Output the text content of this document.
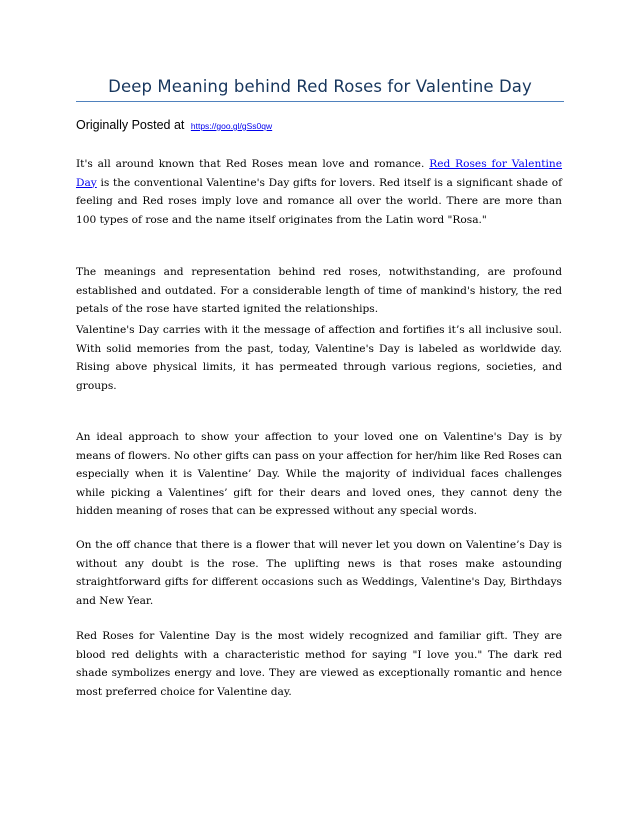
Deep Meaning behind Red Roses for Valentine Day
Originally Posted at https://goo.gl/gSs0qw

It's all around known that Red Roses mean love and romance. Red Roses for Valentine Day is the conventional Valentine's Day gifts for lovers. Red itself is a significant shade of feeling and Red roses imply love and romance all over the world. There are more than 100 types of rose and the name itself originates from the Latin word "Rosa."

The meanings and representation behind red roses, notwithstanding, are profound established and outdated. For a considerable length of time of mankind's history, the red petals of the rose have started ignited the relationships.

Valentine's Day carries with it the message of affection and fortifies it’s all inclusive soul. With solid memories from the past, today, Valentine's Day is labeled as worldwide day. Rising above physical limits, it has permeated through various regions, societies, and groups.

An ideal approach to show your affection to your loved one on Valentine's Day is by means of flowers. No other gifts can pass on your affection for her/him like Red Roses can especially when it is Valentine’ Day. While the majority of individual faces challenges while picking a Valentines’ gift for their dears and loved ones, they cannot deny the hidden meaning of roses that can be expressed without any special words.

On the off chance that there is a flower that will never let you down on Valentine’s Day is without any doubt is the rose. The uplifting news is that roses make astounding straightforward gifts for different occasions such as Weddings, Valentine's Day, Birthdays and New Year.

Red Roses for Valentine Day is the most widely recognized and familiar gift. They are blood red delights with a characteristic method for saying "I love you." The dark red shade symbolizes energy and love. They are viewed as exceptionally romantic and hence most preferred choice for Valentine day.
